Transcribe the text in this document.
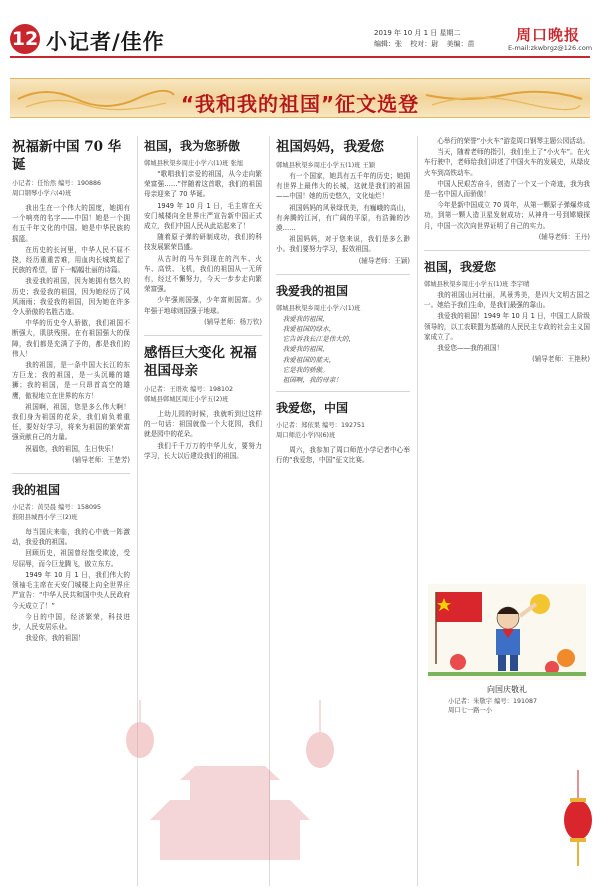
12 小记者/佳作	2019 年 10 月 1 日 星期二
编辑：张 校对：尉 美编：苗	周口晚报
E-mail:zkwbrgz@126.com
“我和我的祖国”征文选登
祝福新中国 70 华诞
小记者：任怡然 编号：190886
周口钢琴小学六(4)班

我出生在一个伟大的国度，她拥有一个响亮的名字——中国！她是一个拥有五千年文化的中国。她是中华民族的摇篮。

在历史的长河里，中华人民不屈不挠，经历重重苦难，用血肉长城筑起了民族的希望，留下一幅幅壮丽的诗篇。

我爱我的祖国，因为她拥有悠久的历史；我爱我的祖国，因为她经历了风风雨雨；我爱我的祖国，因为她在许多令人骄傲的名胜古迹。

中华的历史令人骄傲，我们祖国不断强大，肌肤残照。在有祖国强大的保障，我们都是充满了予的，都是我们的伟人！

我的祖国，是一条中国大长江的东方巨龙；我的祖国，是一头沉睡的雄狮；我的祖国，是一只昂首高空的雄鹰，傲视地立在世界的东方！

祖国啊，祖国，您是多么伟大啊！我们身为祖国的花朵，我们肩负着重任，要好好学习，将来为祖国的繁荣富强贡献自己的力量。

祝福您，我的祖国，生日快乐！

(辅导老师：王楚芳)
我的祖国
小记者：黄昊晨 编号：158095
淮阳县城西小学三(2)班

每当国庆来临，我的心中就一阵激动，我爱我的祖国。

回顾历史，祖国曾经饱受欺凌，受尽屈辱，而今巨龙腾飞，傲立东方。

1949 年 10 月 1 日，我们伟大的领袖毛主席在天安门城楼上向全世界庄严宣告：“中华人民共和国中央人民政府今天成立了！”

今日的中国，经济繁荣，科技进步，人民安居乐业。

我爱你，我的祖国！

祖国，我为您骄傲
郸城县秋渠乡周庄小学六(1)班 张旭

“歌唱我们亲爱的祖国，从今走向繁荣富强……”伴随着这首歌，我们的祖国母亲迎来了 70 华诞。

1949 年 10 月 1 日，毛主席在天安门城楼向全世界庄严宣告新中国正式成立，我们中国人民从此站起来了！

随着原子弹的研制成功，我们的科技发展繁荣昌盛。

从古时的马车到现在的汽车、火车、高铁、飞机，我们的祖国从一无所有，经过不懈努力，今天一步步走向繁荣富强。

少年强则国强，少年富则国富。少年强于地球则国强于地球。

(辅导老师：杨万钦)
感悟巨大变化 祝福祖国母亲
小记者：王语欢 编号：198102
郸城县郸城区周庄小学五(2)班

上幼儿园的时候，我就听到过这样的一句话：祖国就像一个大花园，我们就是园中的花朵。

我们千千万万的中华儿女，要努力学习，长大以后建设我们的祖国。

祖国妈妈，我爱您
郸城县秋渠乡周庄小学五(1)班 王颖

有一个国家，她具有五千年的历史；她拥有世界上最伟大的长城，这就是我们的祖国——中国！她的历史悠久，文化灿烂！

祖国妈妈的风景绿优美，有巍峨的高山，有奔腾的江河，有广阔的平原，有浩瀚的沙漠……

祖国妈妈，对于您来说，我们是多么渺小。我们要努力学习，报效祖国。

(辅导老师：王颖)
我爱我的祖国
郸城县秋渠乡周庄小学六(1)班

我爱我的祖国，

我爱祖国的绿水，

它告诉我长江是伟大的，

我爱我的祖国，

我爱祖国的蓝天，

它是我的骄傲。

祖国啊，我的母亲！

我爱您，中国
小记者：郑依果 编号：192751
周口师范小学四(6)班

周六，我参加了周口师范小学记者中心举行的“我爱您，中国”征文比赛。

心举行的荣誉“小火车”游览周口钢琴主题公园活动。

当天，随着老师的指引，我们坐上了“小火车”。在火车行驶中，老师给我们讲述了中国火车的发展史，从绿皮火车到高铁动车。

中国人民艰苦奋斗，创造了一个又一个奇迹，我为我是一名中国人而骄傲！

今年是新中国成立 70 周年，从第一颗原子弹爆炸成功，到第一颗人造卫星发射成功；从神舟一号到嫦娥探月，中国一次次向世界证明了自己的实力。

(辅导老师：王丹)
祖国，我爱您
郸城县秋渠乡周庄小学五(1)班 李宇晴

我的祖国山河壮丽，风景秀美，是四大文明古国之一。她给予我们生命，是我们最强的靠山。

我爱我的祖国！1949 年 10 月 1 日，中国工人阶级领导的，以工农联盟为基础的人民民主专政的社会主义国家成立了。

我爱您——我的祖国！

(辅导老师：王艳秋)
向国庆敬礼
小记者：朱敬宇 编号：191087
周口七一路一小
